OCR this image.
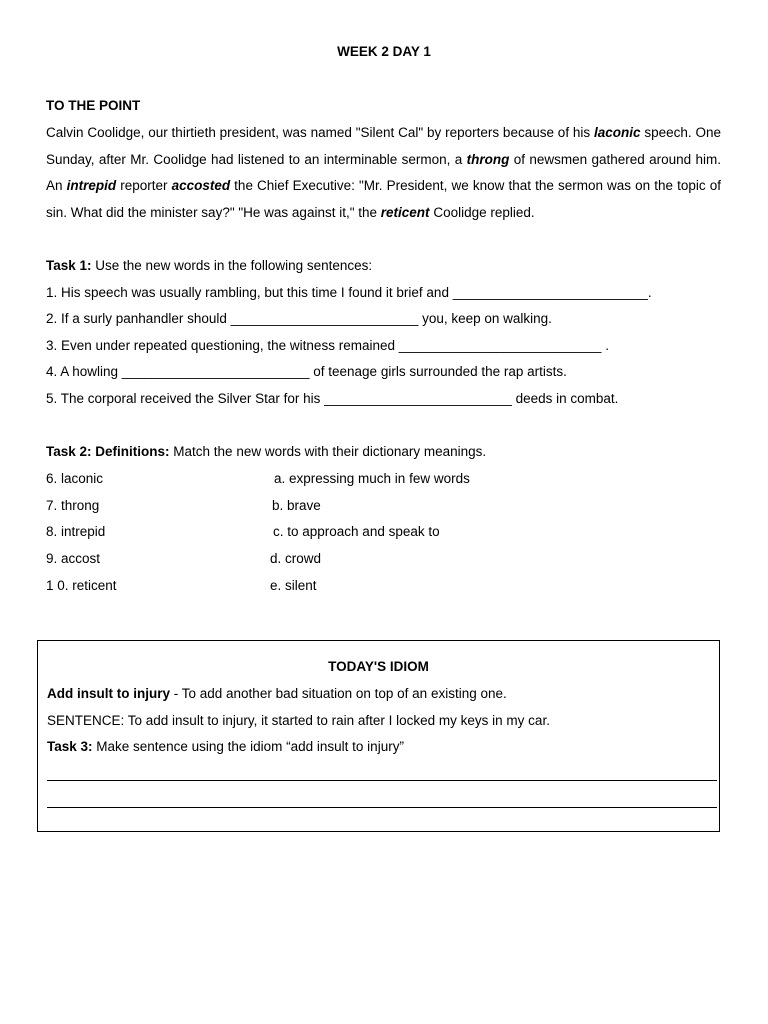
WEEK 2 DAY 1
TO THE POINT

Calvin Coolidge, our thirtieth president, was named "Silent Cal" by reporters because of his laconic speech. One Sunday, after Mr. Coolidge had listened to an interminable sermon, a throng of newsmen gathered around him. An intrepid reporter accosted the Chief Executive: "Mr. President, we know that the sermon was on the topic of sin. What did the minister say?" "He was against it," the reticent Coolidge replied.

Task 1: Use the new words in the following sentences:
1. His speech was usually rambling, but this time I found it brief and __________________________.
2. If a surly panhandler should _________________________ you, keep on walking.
3. Even under repeated questioning, the witness remained ___________________________ .
4. A howling _________________________ of teenage girls surrounded the rap artists.
5. The corporal received the Silver Star for his _________________________ deeds in combat.
Task 2: Definitions: Match the new words with their dictionary meanings.
6. laconic
7. throng
8. intrepid
9. accost
1 0. reticent
a. expressing much in few words
b. brave
c. to approach and speak to
d. crowd
e. silent
TODAY'S IDIOM
Add insult to injury - To add another bad situation on top of an existing one.
SENTENCE: To add insult to injury, it started to rain after I locked my keys in my car.
Task 3: Make sentence using the idiom “add insult to injury”
